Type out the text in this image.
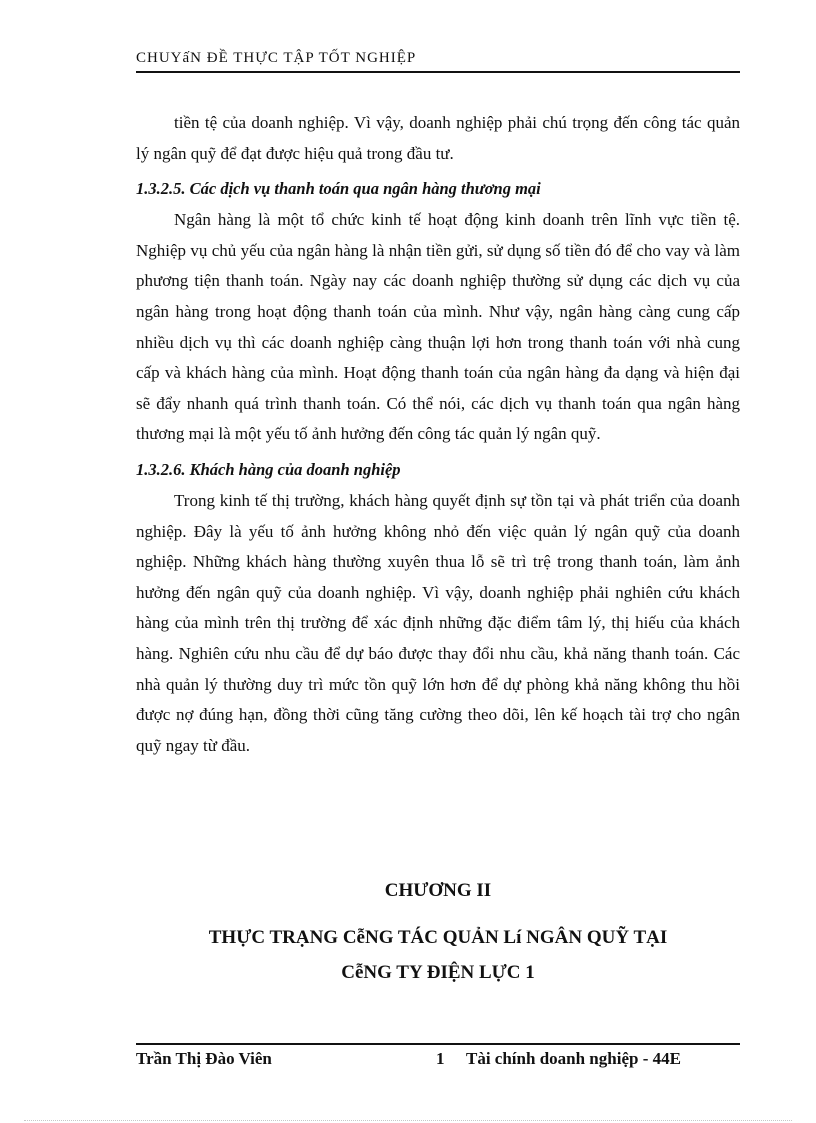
CHUYấN ĐỀ THỰC TẬP TỐT NGHIỆP

tiền tệ của doanh nghiệp. Vì vậy, doanh nghiệp phải chú trọng đến công tác quản lý ngân quỹ để đạt được hiệu quả trong đầu tư.

1.3.2.5. Các dịch vụ thanh toán qua ngân hàng thương mại

Ngân hàng là một tổ chức kinh tế hoạt động kinh doanh trên lĩnh vực tiền tệ. Nghiệp vụ chủ yếu của ngân hàng là nhận tiền gửi, sử dụng số tiền đó để cho vay và làm phương tiện thanh toán. Ngày nay các doanh nghiệp thường sử dụng các dịch vụ của ngân hàng trong hoạt động thanh toán của mình. Như vậy, ngân hàng càng cung cấp nhiều dịch vụ thì các doanh nghiệp càng thuận lợi hơn trong thanh toán với nhà cung cấp và khách hàng của mình. Hoạt động thanh toán của ngân hàng đa dạng và hiện đại sẽ đẩy nhanh quá trình thanh toán. Có thể nói, các dịch vụ thanh toán qua ngân hàng thương mại là một yếu tố ảnh hưởng đến công tác quản lý ngân quỹ.

1.3.2.6. Khách hàng của doanh nghiệp

Trong kinh tế thị trường, khách hàng quyết định sự tồn tại và phát triển của doanh nghiệp. Đây là yếu tố ảnh hưởng không nhỏ đến việc quản lý ngân quỹ của doanh nghiệp. Những khách hàng thường xuyên thua lỗ sẽ trì trệ trong thanh toán, làm ảnh hưởng đến ngân quỹ của doanh nghiệp. Vì vậy, doanh nghiệp phải nghiên cứu khách hàng của mình trên thị trường để xác định những đặc điểm tâm lý, thị hiếu của khách hàng. Nghiên cứu nhu cầu để dự báo được thay đổi nhu cầu, khả năng thanh toán. Các nhà quản lý thường duy trì mức tồn quỹ lớn hơn để dự phòng khả năng không thu hồi được nợ đúng hạn, đồng thời cũng tăng cường theo dõi, lên kế hoạch tài trợ cho ngân quỹ ngay từ đầu.

CHƯƠNG II
THỰC TRẠNG CễNG TÁC QUẢN Lí NGÂN QUỸ TẠI
CễNG TY ĐIỆN LỰC 1
Trần Thị Đào Viên	1 Tài chính doanh nghiệp - 44E
